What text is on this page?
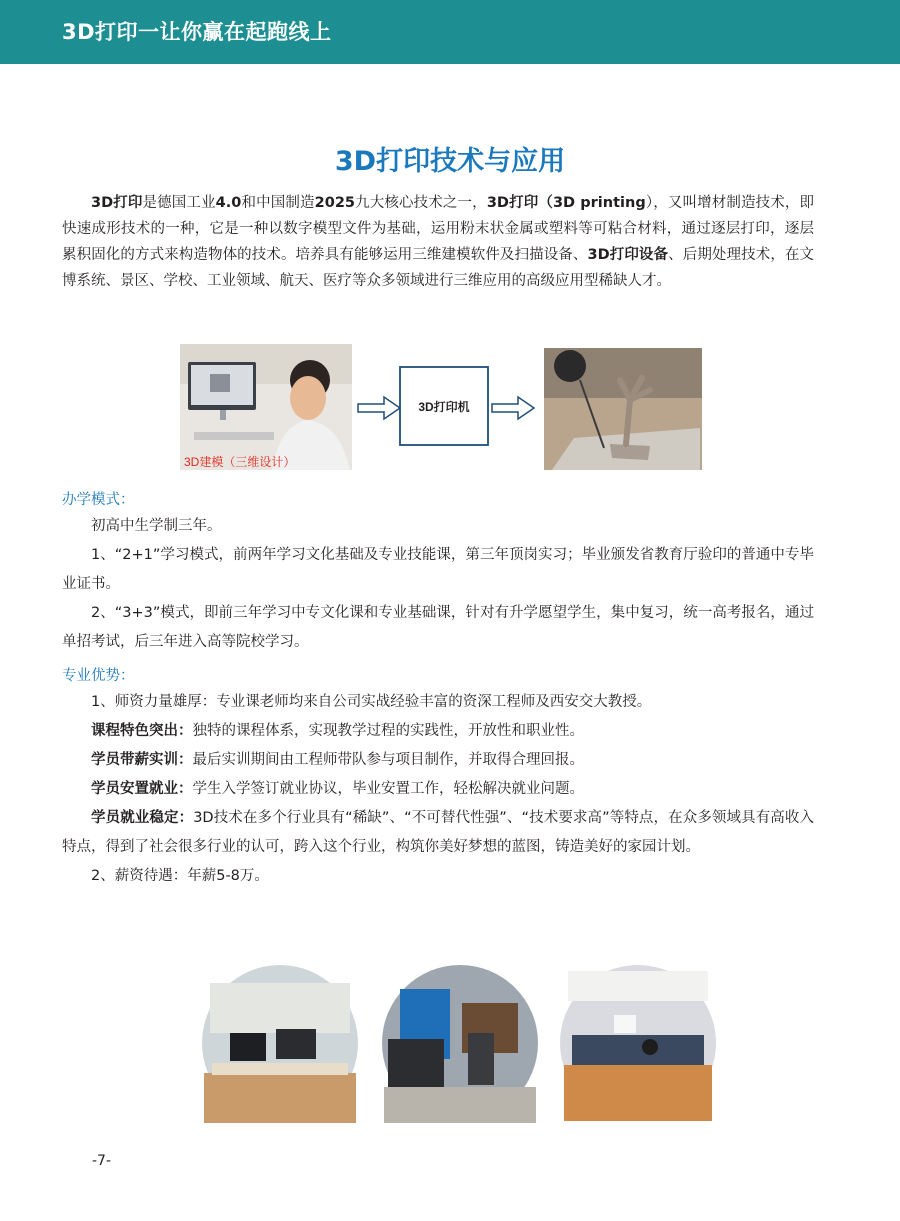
3D打印一让你赢在起跑线上
3D打印技术与应用
3D打印是德国工业4.0和中国制造2025九大核心技术之一，3D打印（3D printing），又叫增材制造技术，即快速成形技术的一种，它是一种以数字模型文件为基础，运用粉末状金属或塑料等可粘合材料，通过逐层打印，逐层累积固化的方式来构造物体的技术。培养具有能够运用三维建模软件及扫描设备、3D打印设备、后期处理技术，在文博系统、景区、学校、工业领域、航天、医疗等众多领域进行三维应用的高级应用型稀缺人才。
3D建模（三维设计）
3D打印机
办学模式：

初高中生学制三年。

1、“2+1”学习模式，前两年学习文化基础及专业技能课，第三年顶岗实习；毕业颁发省教育厅验印的普通中专毕业证书。

2、“3+3”模式，即前三年学习中专文化课和专业基础课，针对有升学愿望学生，集中复习，统一高考报名，通过单招考试，后三年进入高等院校学习。

专业优势：

1、师资力量雄厚：专业课老师均来自公司实战经验丰富的资深工程师及西安交大教授。

课程特色突出：独特的课程体系，实现教学过程的实践性，开放性和职业性。

学员带薪实训：最后实训期间由工程师带队参与项目制作，并取得合理回报。

学员安置就业：学生入学签订就业协议，毕业安置工作，轻松解决就业问题。

学员就业稳定：3D技术在多个行业具有“稀缺”、“不可替代性强”、“技术要求高”等特点，在众多领域具有高收入特点，得到了社会很多行业的认可，跨入这个行业，构筑你美好梦想的蓝图，铸造美好的家园计划。

2、薪资待遇：年薪5-8万。

-7-
